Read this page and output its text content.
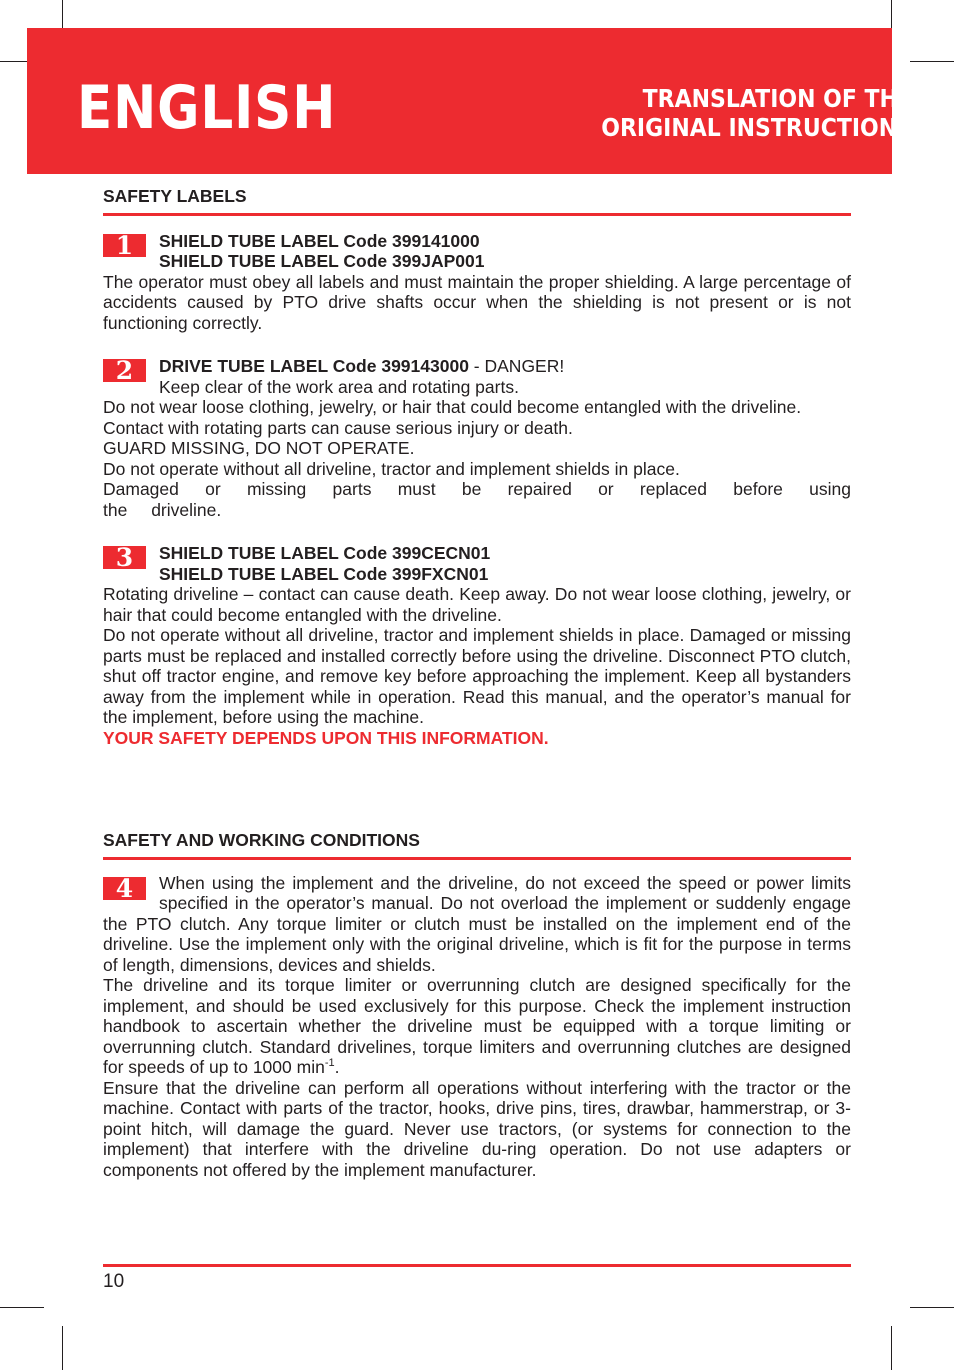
ENGLISH	TRANSLATION OF THE
ORIGINAL INSTRUCTIONS
SAFETY LABELS
1	SHIELD TUBE LABEL Code 399141000
SHIELD TUBE LABEL Code 399JAP001

The operator must obey all labels and must maintain the proper shielding. A large percentage of accidents caused by PTO drive shafts occur when the shielding is not present or is not functioning correctly.

2	DRIVE TUBE LABEL Code 399143000 - DANGER!
Keep clear of the work area and rotating parts.

Do not wear loose clothing, jewelry, or hair that could become entangled with the driveline.

Contact with rotating parts can cause serious injury or death.
GUARD MISSING, DO NOT OPERATE.
Do not operate without all driveline, tractor and implement shields in place.

Damaged or missing parts must be repaired or replaced before using the driveline.

3	SHIELD TUBE LABEL Code 399CECN01
SHIELD TUBE LABEL Code 399FXCN01

Rotating driveline – contact can cause death. Keep away. Do not wear loose clothing, jewelry, or hair that could become entangled with the driveline.

Do not operate without all driveline, tractor and implement shields in place. Damaged or missing parts must be replaced and installed correctly before using the driveline. Disconnect PTO clutch, shut off tractor engine, and remove key before approaching the implement. Keep all bystanders away from the implement while in operation. Read this manual, and the operator’s manual for the implement, before using the machine.

YOUR SAFETY DEPENDS UPON THIS INFORMATION.
SAFETY AND WORKING CONDITIONS
4	When using the implement and the driveline, do not exceed the speed or power limits specified in the operator’s manual. Do not overload the implement or suddenly engage the PTO clutch. Any torque limiter or clutch must be installed on the implement end of the driveline. Use the implement only with the original driveline, which is fit for the purpose in terms of length, dimensions, devices and shields.

The driveline and its torque limiter or overrunning clutch are designed specifically for the implement, and should be used exclusively for this purpose. Check the implement instruction handbook to ascertain whether the driveline must be equipped with a torque limiting or overrunning clutch. Standard drivelines, torque limiters and overrunning clutches are designed for speeds of up to 1000 $\min^{-1}$.

Ensure that the driveline can perform all operations without interfering with the tractor or the machine. Contact with parts of the tractor, hooks, drive pins, tires, drawbar, hammerstrap, or 3-point hitch, will damage the guard. Never use tractors, (or systems for connection to the implement) that interfere with the driveline du-ring operation. Do not use adapters or components not offered by the implement manufacturer.

10
